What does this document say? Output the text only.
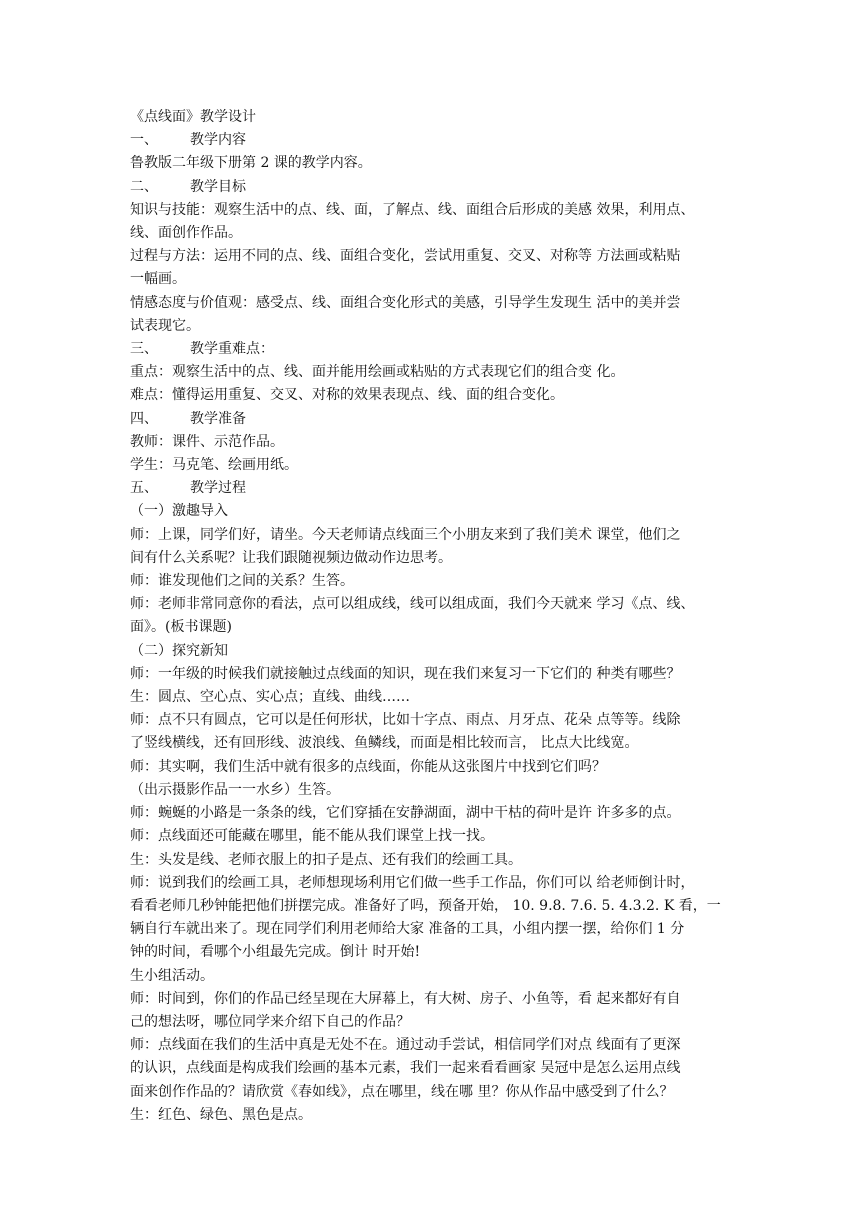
《点线面》教学设计
一、 教学内容
鲁教版二年级下册第 2 课的教学内容。
二、 教学目标
知识与技能：观察生活中的点、线、面，了解点、线、面组合后形成的美感 效果，利用点、
线、面创作作品。
过程与方法：运用不同的点、线、面组合变化，尝试用重复、交叉、对称等 方法画或粘贴
一幅画。
情感态度与价值观：感受点、线、面组合变化形式的美感，引导学生发现生 活中的美并尝
试表现它。
三、 教学重难点：
重点：观察生活中的点、线、面并能用绘画或粘贴的方式表现它们的组合变 化。
难点：懂得运用重复、交叉、对称的效果表现点、线、面的组合变化。
四、 教学准备
教师：课件、示范作品。
学生：马克笔、绘画用纸。
五、 教学过程
（一）激趣导入
师：上课，同学们好，请坐。今天老师请点线面三个小朋友来到了我们美术 课堂，他们之
间有什么关系呢？让我们跟随视频边做动作边思考。
师：谁发现他们之间的关系？生答。
师：老师非常同意你的看法，点可以组成线，线可以组成面，我们今天就来 学习《点、线、
面》。(板书课题)
（二）探究新知
师：一年级的时候我们就接触过点线面的知识，现在我们来复习一下它们的 种类有哪些？
生：圆点、空心点、实心点；直线、曲线……
师：点不只有圆点，它可以是任何形状，比如十字点、雨点、月牙点、花朵 点等等。线除
了竖线横线，还有回形线、波浪线、鱼鳞线，而面是相比较而言， 比点大比线宽。
师：其实啊，我们生活中就有很多的点线面，你能从这张图片中找到它们吗？
（出示摄影作品一一水乡）生答。
师：蜿蜒的小路是一条条的线，它们穿插在安静湖面，湖中干枯的荷叶是许 许多多的点。
师：点线面还可能藏在哪里，能不能从我们课堂上找一找。
生：头发是线、老师衣服上的扣子是点、还有我们的绘画工具。
师：说到我们的绘画工具，老师想现场利用它们做一些手工作品，你们可以 给老师倒计时，
看看老师几秒钟能把他们拼摆完成。准备好了吗，预备开始， 10. 9.8. 7.6. 5. 4.3.2. K 看，一
辆自行车就出来了。现在同学们利用老师给大家 准备的工具，小组内摆一摆，给你们 1 分
钟的时间，看哪个小组最先完成。倒计 时开始!
生小组活动。
师：时间到，你们的作品已经呈现在大屏幕上，有大树、房子、小鱼等，看 起来都好有自
己的想法呀，哪位同学来介绍下自己的作品？
师：点线面在我们的生活中真是无处不在。通过动手尝试，相信同学们对点 线面有了更深
的认识，点线面是构成我们绘画的基本元素，我们一起来看看画家 吴冠中是怎么运用点线
面来创作作品的？请欣赏《春如线》，点在哪里，线在哪 里？你从作品中感受到了什么？
生：红色、绿色、黑色是点。
